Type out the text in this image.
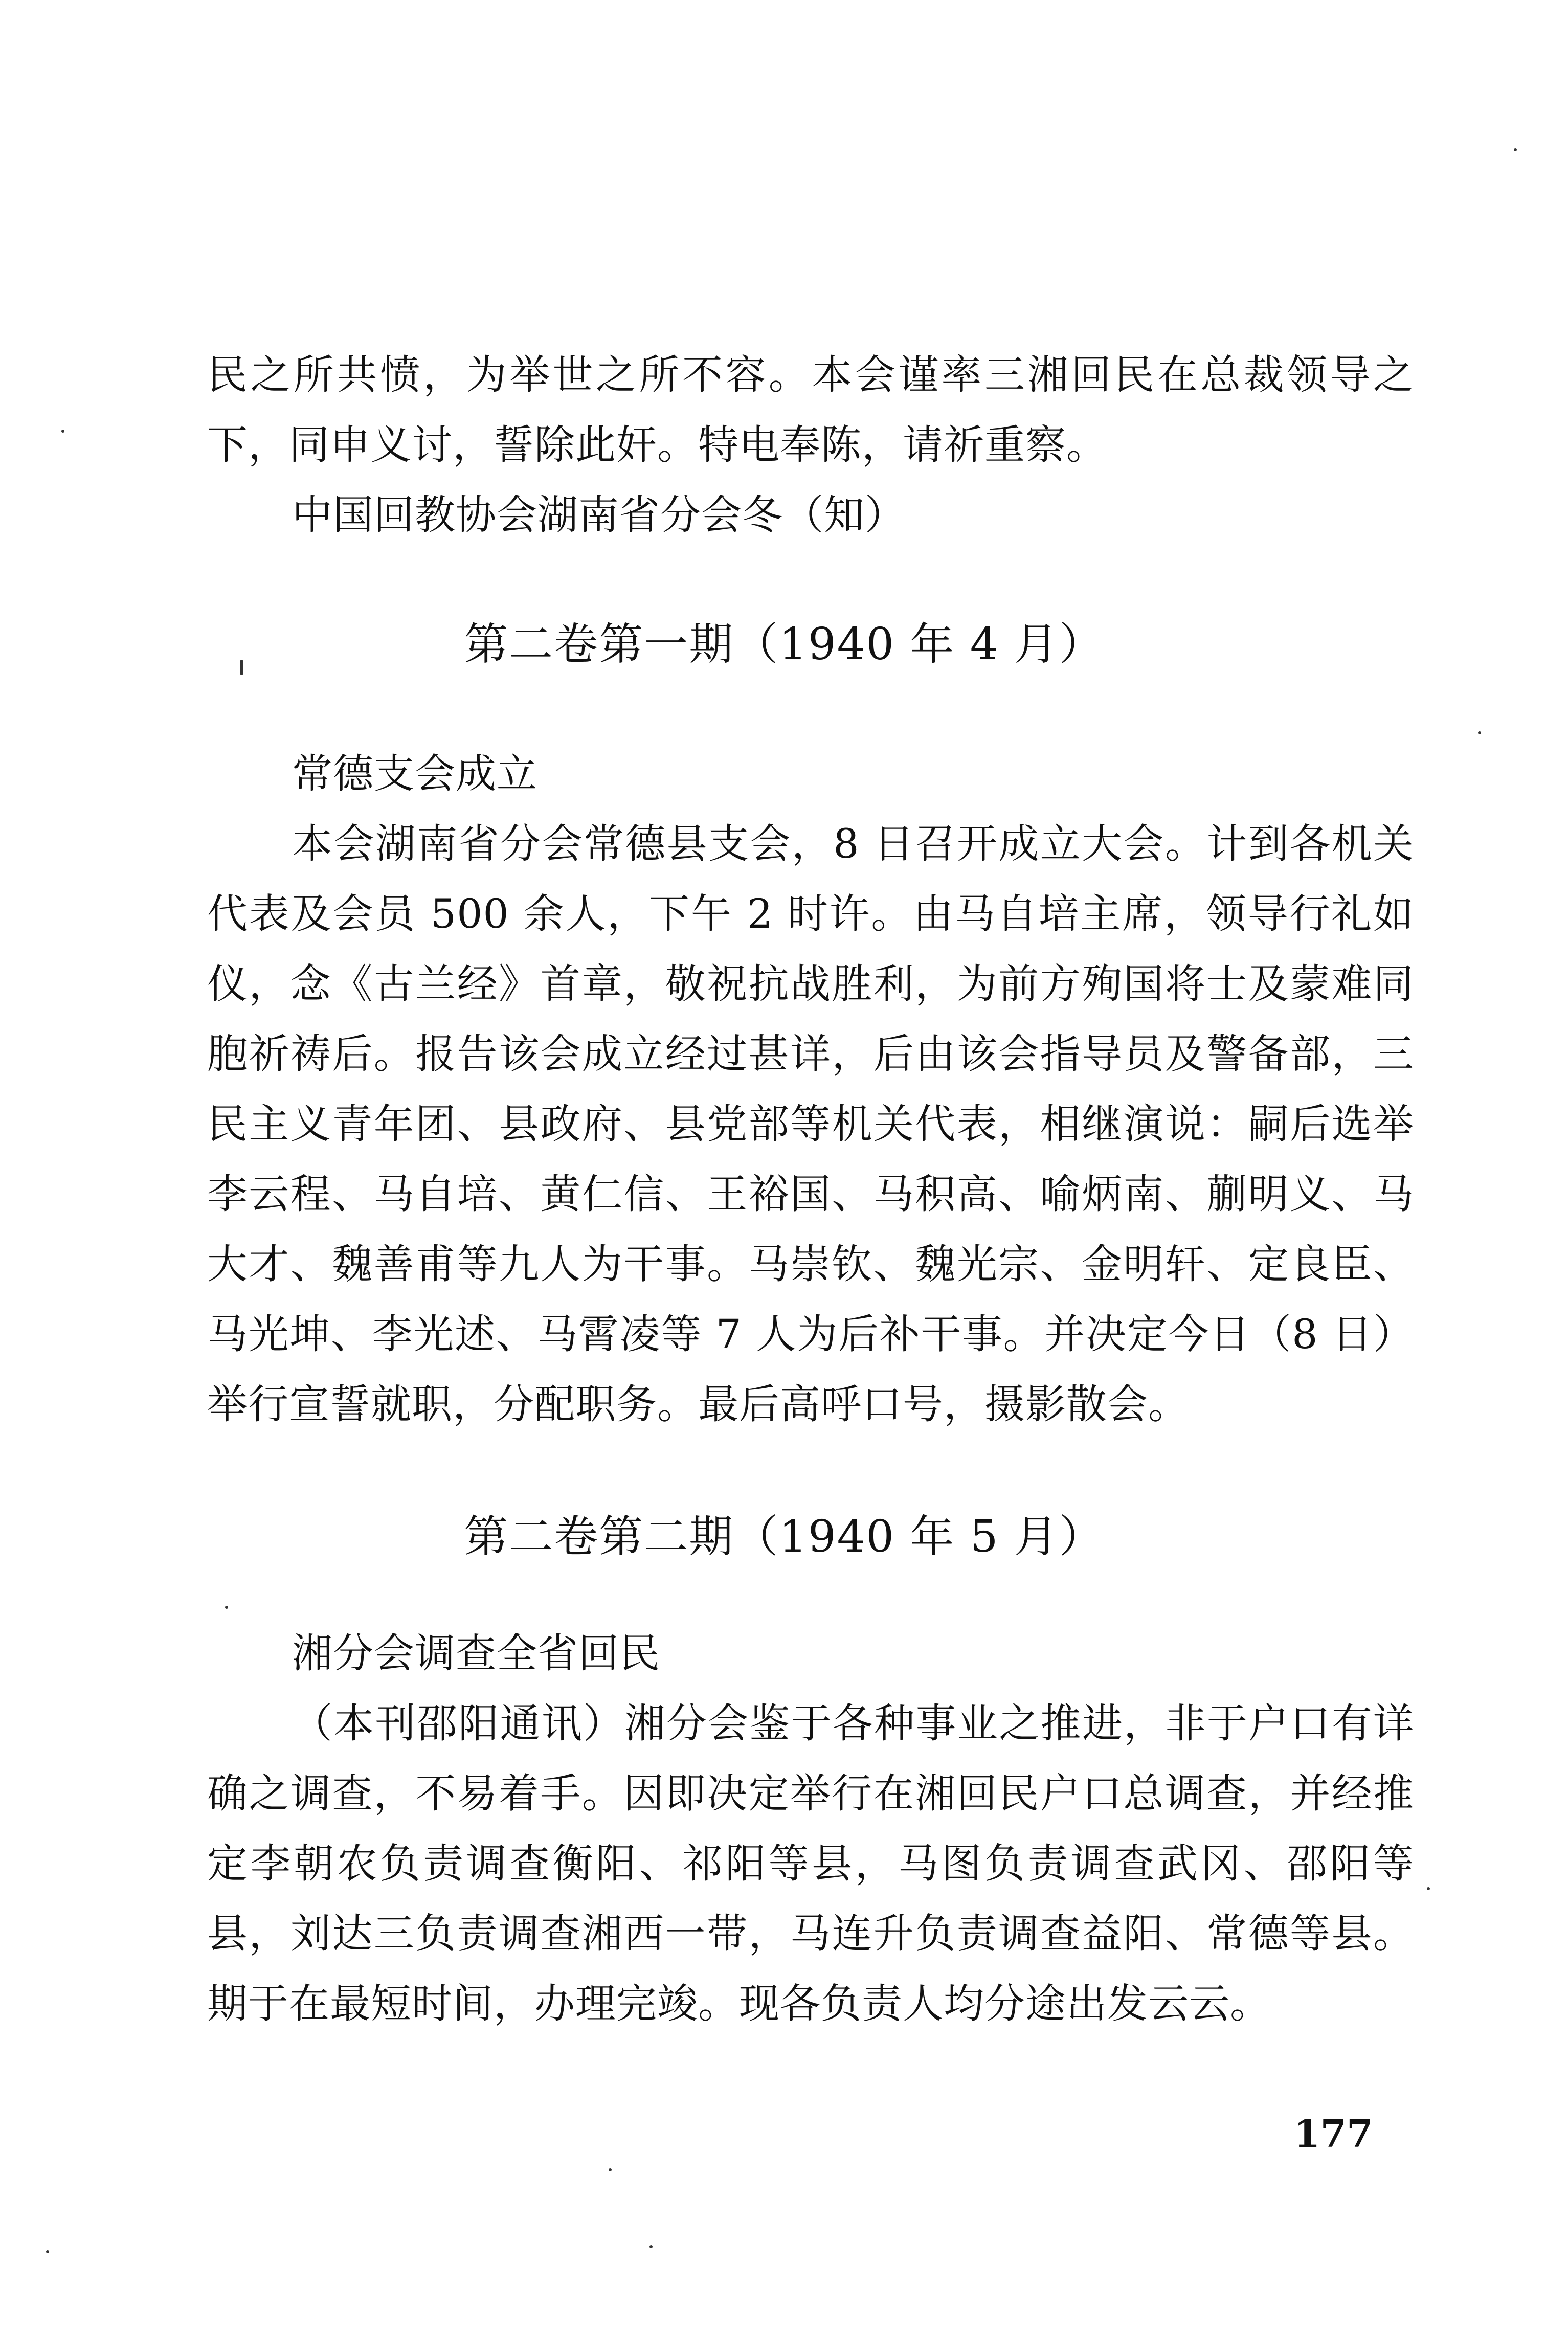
民之所共愤，为举世之所不容。本会谨率三湘回民在总裁领导之下，同申义讨，誓除此奸。特电奉陈，请祈重察。

中国回教协会湖南省分会冬（知）

第二卷第一期（1940 年 4 月）

常德支会成立

本会湖南省分会常德县支会，8 日召开成立大会。计到各机关代表及会员 500 余人，下午 2 时许。由马自培主席，领导行礼如仪，念《古兰经》首章，敬祝抗战胜利，为前方殉国将士及蒙难同胞祈祷后。报告该会成立经过甚详，后由该会指导员及警备部，三民主义青年团、县政府、县党部等机关代表，相继演说：嗣后选举李云程、马自培、黄仁信、王裕国、马积高、喻炳南、蒯明义、马大才、魏善甫等九人为干事。马崇钦、魏光宗、金明轩、定良臣、马光坤、李光述、马霄凌等 7 人为后补干事。并决定今日（8 日）举行宣誓就职，分配职务。最后高呼口号，摄影散会。

第二卷第二期（1940 年 5 月）

湘分会调查全省回民

（本刊邵阳通讯）湘分会鉴于各种事业之推进，非于户口有详确之调查，不易着手。因即决定举行在湘回民户口总调查，并经推定李朝农负责调查衡阳、祁阳等县，马图负责调查武冈、邵阳等县，刘达三负责调查湘西一带，马连升负责调查益阳、常德等县。期于在最短时间，办理完竣。现各负责人均分途出发云云。

177
